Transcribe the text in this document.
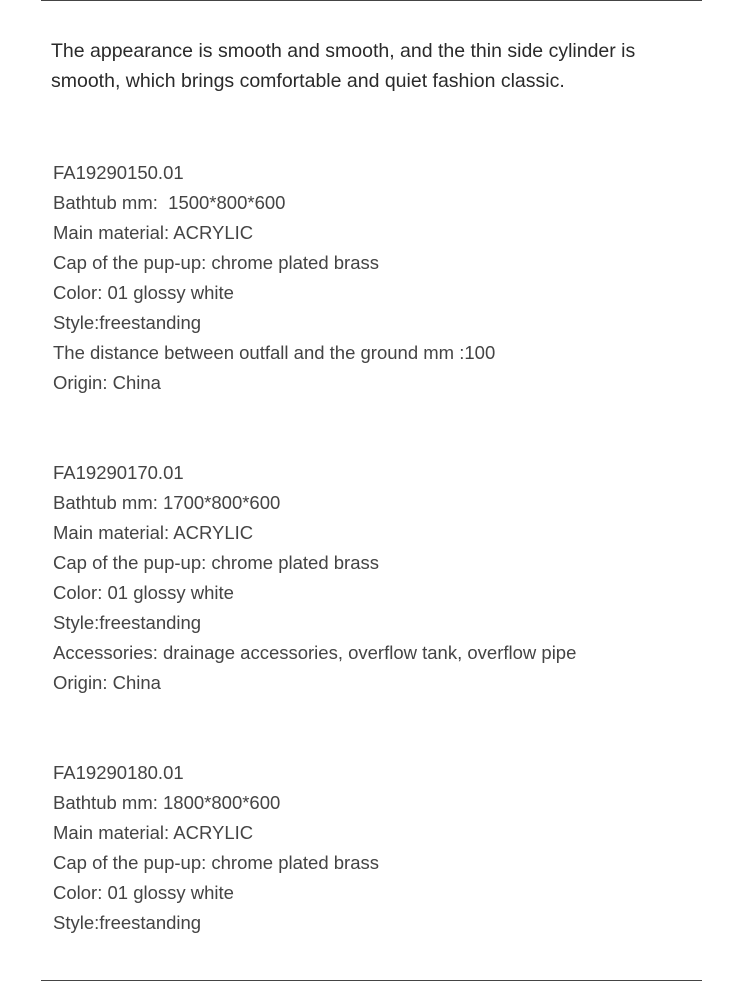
The appearance is smooth and smooth, and the thin side cylinder is smooth, which brings comfortable and quiet fashion classic.

FA19290150.01
Bathtub mm:  1500*800*600
Main material: ACRYLIC
Cap of the pup-up: chrome plated brass
Color: 01 glossy white
Style:freestanding
The distance between outfall and the ground mm :100
Origin: China
FA19290170.01
Bathtub mm: 1700*800*600
Main material: ACRYLIC
Cap of the pup-up: chrome plated brass
Color: 01 glossy white
Style:freestanding
Accessories: drainage accessories, overflow tank, overflow pipe
Origin: China
FA19290180.01
Bathtub mm: 1800*800*600
Main material: ACRYLIC
Cap of the pup-up: chrome plated brass
Color: 01 glossy white
Style:freestanding
